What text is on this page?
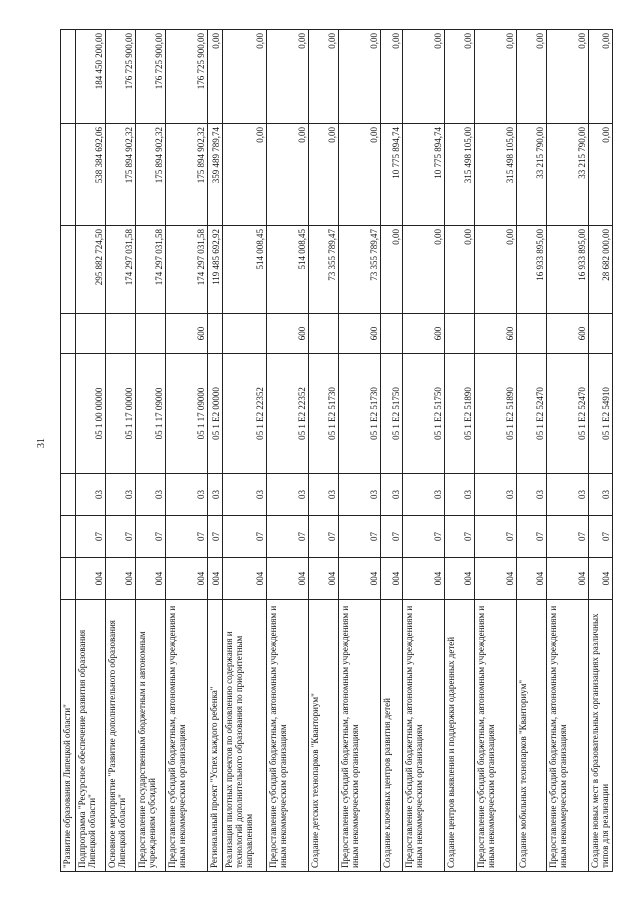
31
"Развитие образования Липецкой области"								
Подпрограмма "Ресурсное обеспечение развития образования Липецкой области"	004	07	03	05 1 00 00000		295 882 724,50	538 384 692,06	184 450 200,00
Основное мероприятие "Развитие дополнительного образования Липецкой области"	004	07	03	05 1 17 00000		174 297 031,58	175 894 902,32	176 725 900,00
Предоставление государственным бюджетным и автономным учреждениям субсидий	004	07	03	05 1 17 09000		174 297 031,58	175 894 902,32	176 725 900,00
Предоставление субсидий бюджетным, автономным учреждениям и иным некоммерческим организациям	004	07	03	05 1 17 09000	600	174 297 031,58	175 894 902,32	176 725 900,00
Региональный проект "Успех каждого ребенка"	004	07	03	05 1 E2 00000		119 485 692,92	359 489 789,74	0,00
Реализация пилотных проектов по обновлению содержания и технологий дополнительного образования по приоритетным направлениям	004	07	03	05 1 E2 22352		514 008,45	0,00	0,00
Предоставление субсидий бюджетным, автономным учреждениям и иным некоммерческим организациям	004	07	03	05 1 E2 22352	600	514 008,45	0,00	0,00
Создание детских технопарков "Кванториум"	004	07	03	05 1 E2 51730		73 355 789,47	0,00	0,00
Предоставление субсидий бюджетным, автономным учреждениям и иным некоммерческим организациям	004	07	03	05 1 E2 51730	600	73 355 789,47	0,00	0,00
Создание ключевых центров развития детей	004	07	03	05 1 E2 51750		0,00	10 775 894,74	0,00
Предоставление субсидий бюджетным, автономным учреждениям и иным некоммерческим организациям	004	07	03	05 1 E2 51750	600	0,00	10 775 894,74	0,00
Создание центров выявления и поддержки одаренных детей	004	07	03	05 1 E2 51890		0,00	315 498 105,00	0,00
Предоставление субсидий бюджетным, автономным учреждениям и иным некоммерческим организациям	004	07	03	05 1 E2 51890	600	0,00	315 498 105,00	0,00
Создание мобильных технопарков "Кванториум"	004	07	03	05 1 E2 52470		16 933 895,00	33 215 790,00	0,00
Предоставление субсидий бюджетным, автономным учреждениям и иным некоммерческим организациям	004	07	03	05 1 E2 52470	600	16 933 895,00	33 215 790,00	0,00
Создание новых мест в образовательных организациях различных типов для реализации	004	07	03	05 1 E2 54910		28 682 000,00	0,00	0,00
